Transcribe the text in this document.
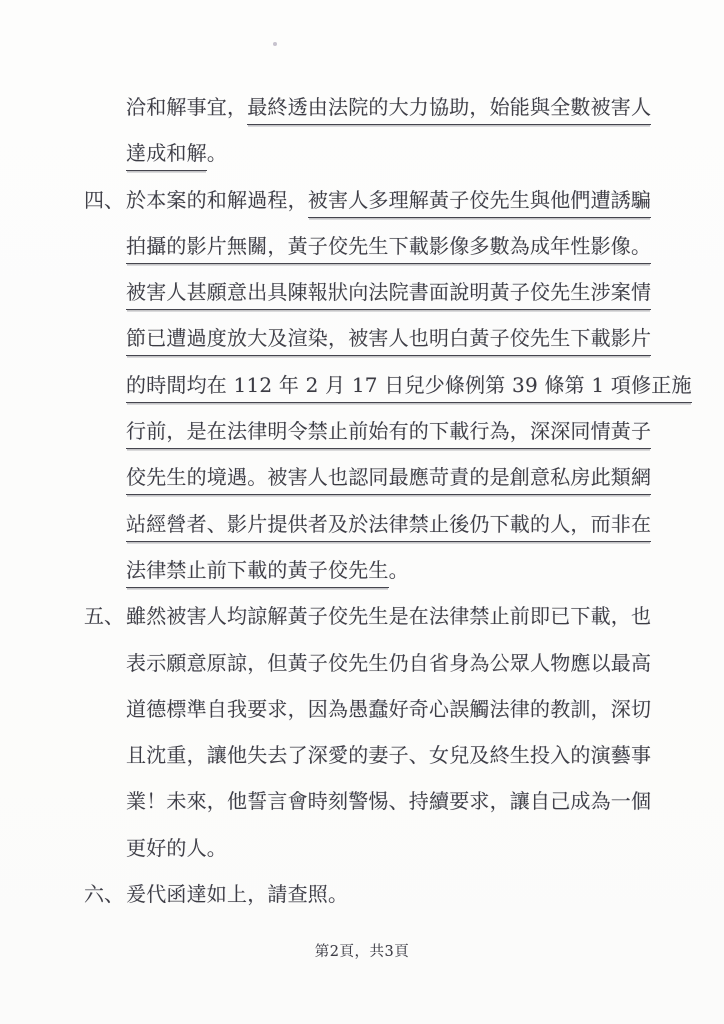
洽和解事宜，最終透由法院的大力協助，始能與全數被害人
達成和解。
四、 於本案的和解過程，被害人多理解黃子佼先生與他們遭誘騙
拍攝的影片無關，黃子佼先生下載影像多數為成年性影像。
被害人甚願意出具陳報狀向法院書面說明黃子佼先生涉案情
節已遭過度放大及渲染，被害人也明白黃子佼先生下載影片
的時間均在 112 年 2 月 17 日兒少條例第 39 條第 1 項修正施
行前，是在法律明令禁止前始有的下載行為，深深同情黃子
佼先生的境遇。被害人也認同最應苛責的是創意私房此類網
站經營者、影片提供者及於法律禁止後仍下載的人，而非在
法律禁止前下載的黃子佼先生。
五、 雖然被害人均諒解黃子佼先生是在法律禁止前即已下載，也
表示願意原諒，但黃子佼先生仍自省身為公眾人物應以最高
道德標準自我要求，因為愚蠢好奇心誤觸法律的教訓，深切
且沈重，讓他失去了深愛的妻子、女兒及終生投入的演藝事
業！未來，他誓言會時刻警惕、持續要求，讓自己成為一個
更好的人。
六、 爰代函達如上，請查照。
第2頁，共3頁
